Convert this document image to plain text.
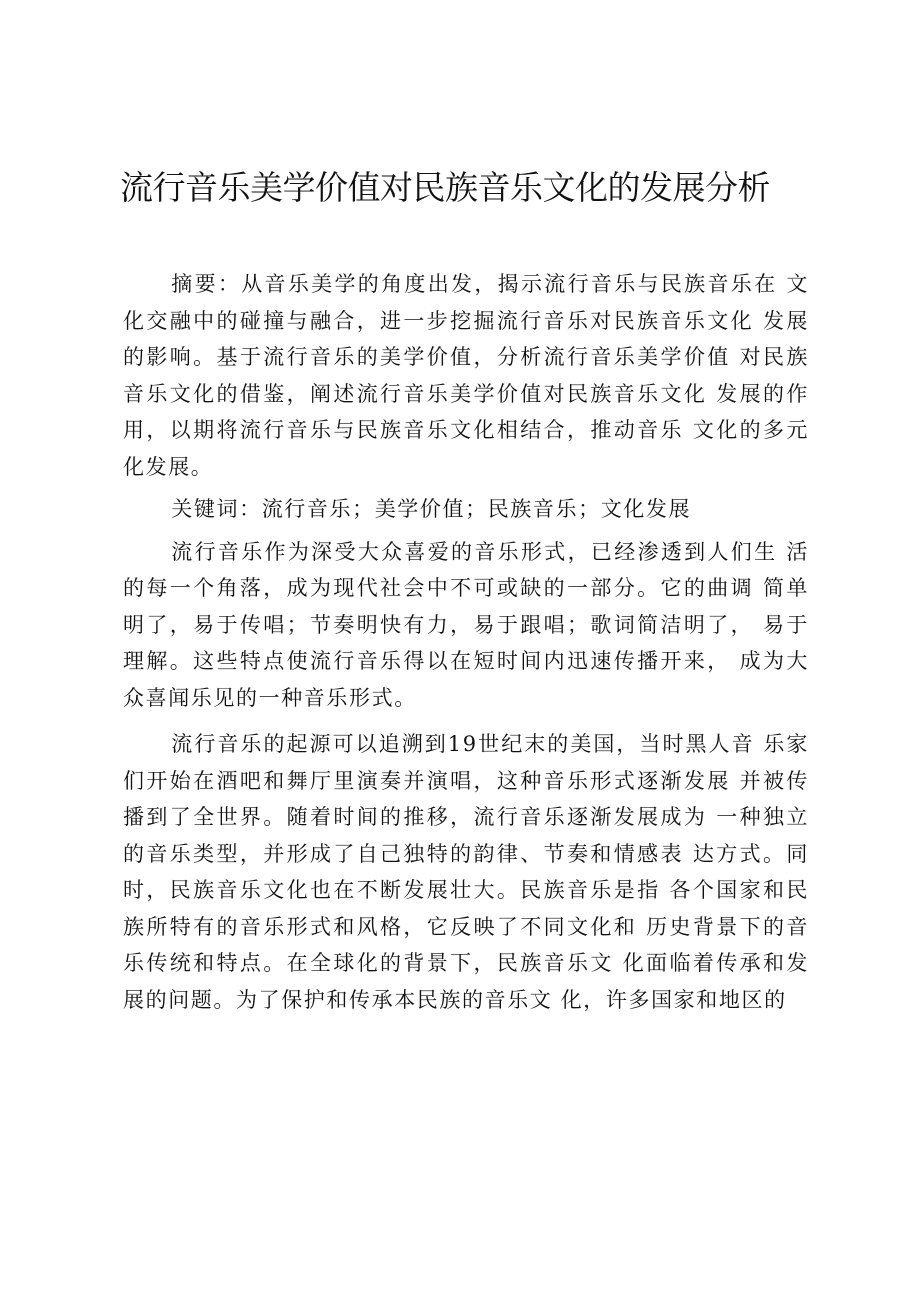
流行音乐美学价值对民族音乐文化的发展分析

摘要：从音乐美学的角度出发，揭示流行音乐与民族音乐在 文化交融中的碰撞与融合，进一步挖掘流行音乐对民族音乐文化 发展的影响。基于流行音乐的美学价值，分析流行音乐美学价值 对民族音乐文化的借鉴，阐述流行音乐美学价值对民族音乐文化 发展的作用，以期将流行音乐与民族音乐文化相结合，推动音乐 文化的多元化发展。

关键词：流行音乐；美学价值；民族音乐；文化发展

流行音乐作为深受大众喜爱的音乐形式，已经渗透到人们生 活的每一个角落，成为现代社会中不可或缺的一部分。它的曲调 简单明了，易于传唱；节奏明快有力，易于跟唱；歌词简洁明了， 易于理解。这些特点使流行音乐得以在短时间内迅速传播开来， 成为大众喜闻乐见的一种音乐形式。

流行音乐的起源可以追溯到19世纪末的美国，当时黑人音 乐家们开始在酒吧和舞厅里演奏并演唱，这种音乐形式逐渐发展 并被传播到了全世界。随着时间的推移，流行音乐逐渐发展成为 一种独立的音乐类型，并形成了自己独特的韵律、节奏和情感表 达方式。同时，民族音乐文化也在不断发展壮大。民族音乐是指 各个国家和民族所特有的音乐形式和风格，它反映了不同文化和 历史背景下的音乐传统和特点。在全球化的背景下，民族音乐文 化面临着传承和发展的问题。为了保护和传承本民族的音乐文 化，许多国家和地区的
